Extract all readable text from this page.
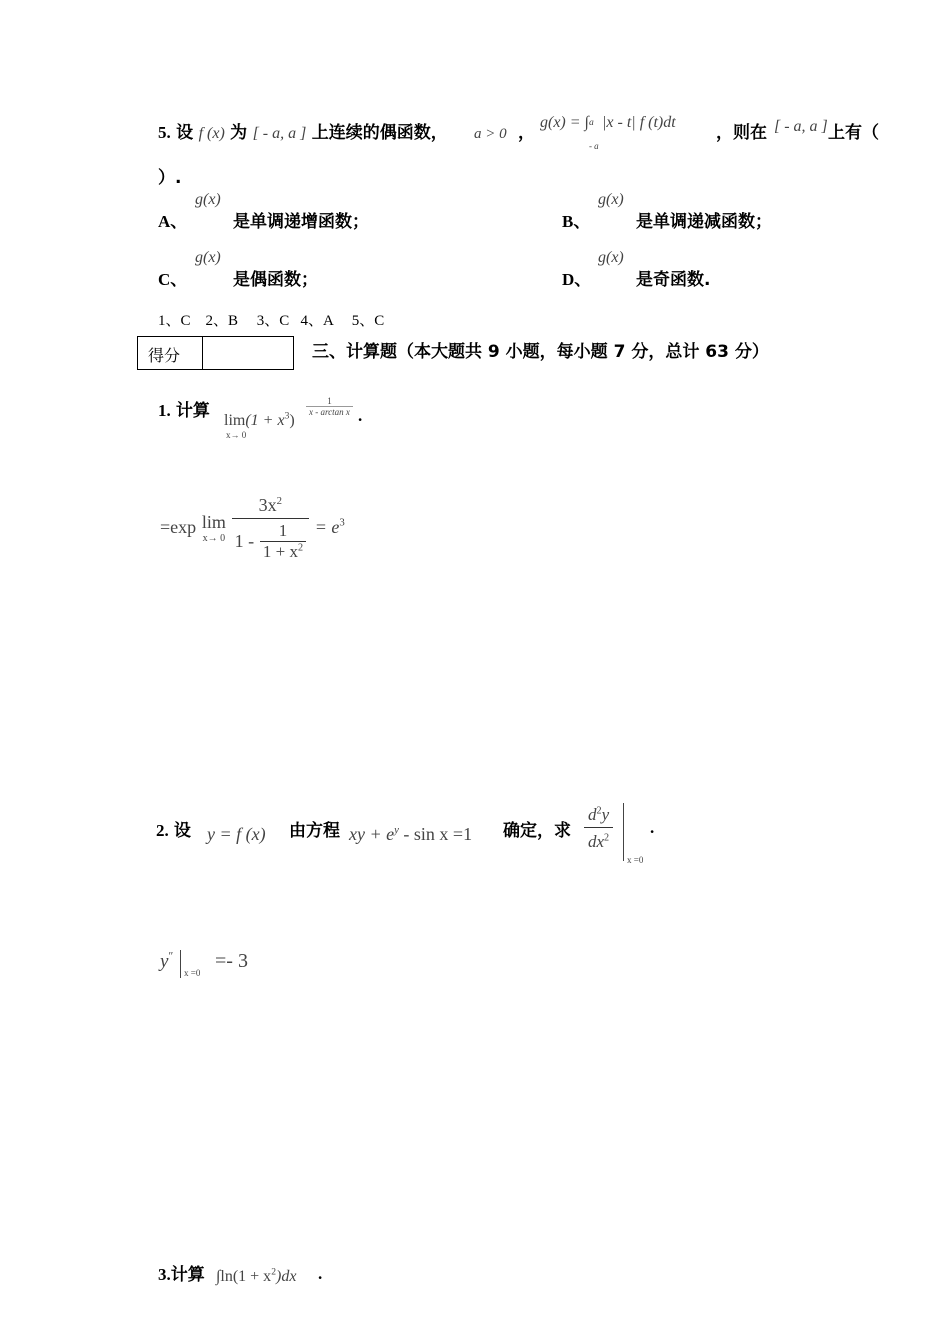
5. 设 f (x) 为 [ - a, a ] 上连续的偶函数， a > 0 ，
g(x) = ∫ a
- a
|x - t| f (t)dt
，则在 [ - a, a ] 上有（
）.
A、
g(x)
是单调递增函数；	B、
g(x)
是单调递减函数；
C、
g(x)
是偶函数；	D、
g(x)
是奇函数.
1、C    2、B     3、C   4、A     5、C
得分	三、计算题（本大题共 9 小题，每小题 7 分，总计 63 分）
1. 计算 $\lim(1 + x^3)$
x→ 0
$\frac{1}{\text{x - arctan x}}$ .
=exp lim
x→ 0
$\frac{3x^2}{1 - \frac{1}{1 + x^2}} = e^3$
2. 设 y = f (x) 由方程 xy + $e^y - \sin x =1$ 确定，求 $\frac{d^2y}{dx^2}$
x =0
.
y″
x =0
=- 3
3.计算 $\int\ln(1 + x^2)dx$ .
